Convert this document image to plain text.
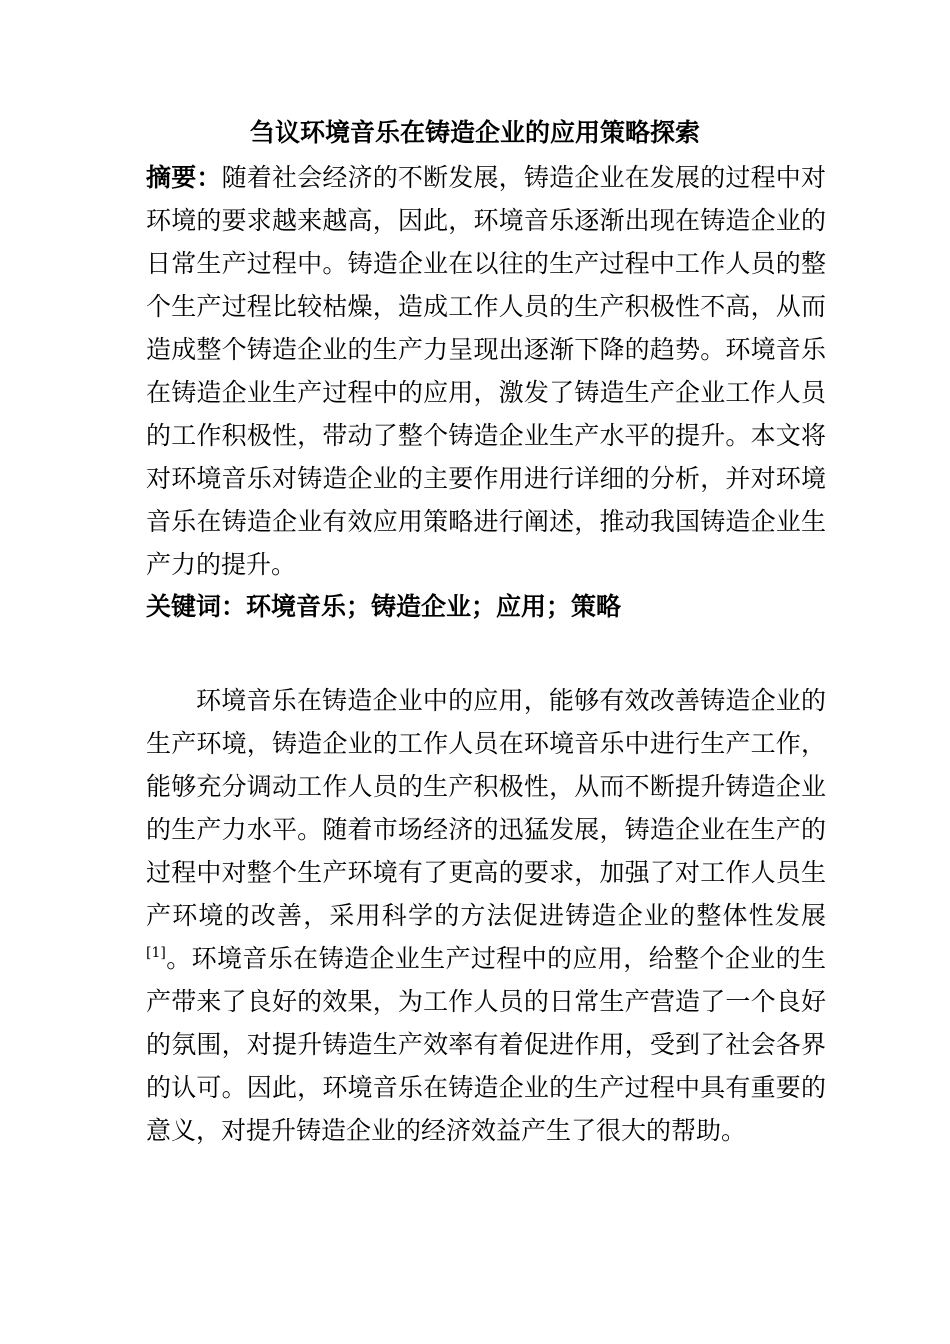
刍议环境音乐在铸造企业的应用策略探索
摘要：随着社会经济的不断发展，铸造企业在发展的过程中对环境的要求越来越高，因此，环境音乐逐渐出现在铸造企业的日常生产过程中。铸造企业在以往的生产过程中工作人员的整个生产过程比较枯燥，造成工作人员的生产积极性不高，从而造成整个铸造企业的生产力呈现出逐渐下降的趋势。环境音乐在铸造企业生产过程中的应用，激发了铸造生产企业工作人员的工作积极性，带动了整个铸造企业生产水平的提升。本文将对环境音乐对铸造企业的主要作用进行详细的分析，并对环境音乐在铸造企业有效应用策略进行阐述，推动我国铸造企业生产力的提升。
关键词：环境音乐；铸造企业；应用；策略
环境音乐在铸造企业中的应用，能够有效改善铸造企业的生产环境，铸造企业的工作人员在环境音乐中进行生产工作，能够充分调动工作人员的生产积极性，从而不断提升铸造企业的生产力水平。随着市场经济的迅猛发展，铸造企业在生产的过程中对整个生产环境有了更高的要求，加强了对工作人员生产环境的改善，采用科学的方法促进铸造企业的整体性发展[1]。环境音乐在铸造企业生产过程中的应用，给整个企业的生产带来了良好的效果，为工作人员的日常生产营造了一个良好的氛围，对提升铸造生产效率有着促进作用，受到了社会各界的认可。因此，环境音乐在铸造企业的生产过程中具有重要的意义，对提升铸造企业的经济效益产生了很大的帮助。
